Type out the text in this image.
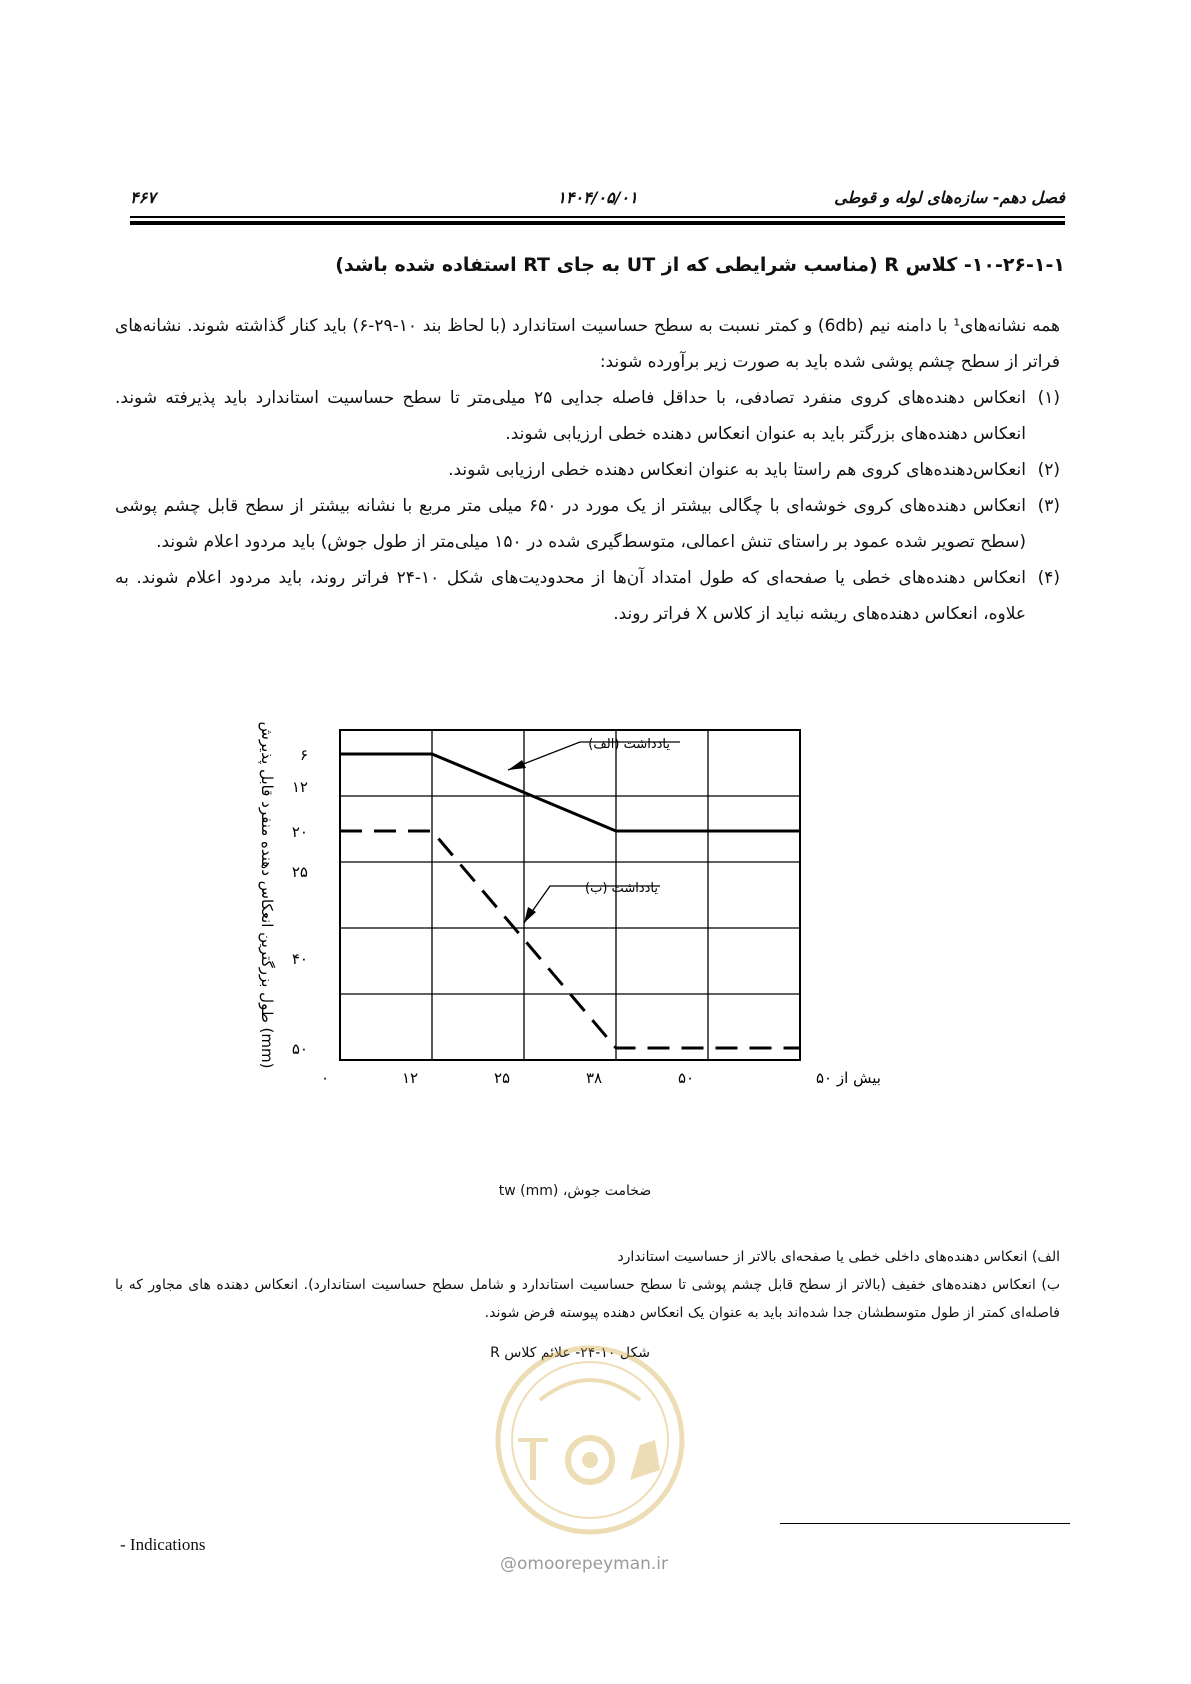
فصل دهم- سازه‌های لوله و قوطی
۱۴۰۴/۰۵/۰۱
۴۶۷
۱۰-۲۶-۱-۱- کلاس R (مناسب شرایطی که از UT به جای RT استفاده شده باشد)

همه نشانه‌های¹ با دامنه نیم (6db) و کمتر نسبت به سطح حساسیت استاندارد (با لحاظ بند ۱۰-۲۹-۶) باید کنار گذاشته شوند. نشانه‌های فراتر از سطح چشم پوشی شده باید به صورت زیر برآورده شوند:

(۱)
انعکاس دهنده‌های کروی منفرد تصادفی، با حداقل فاصله جدایی ۲۵ میلی‌متر تا سطح حساسیت استاندارد باید پذیرفته شوند. انعکاس دهنده‌های بزرگتر باید به عنوان انعکاس دهنده خطی ارزیابی شوند.
(۲)
انعکاس‌دهنده‌های کروی هم راستا باید به عنوان انعکاس دهنده خطی ارزیابی شوند.
(۳)
انعکاس دهنده‌های کروی خوشه‌ای با چگالی بیشتر از یک مورد در ۶۵۰ میلی متر مربع با نشانه بیشتر از سطح قابل چشم پوشی (سطح تصویر شده عمود بر راستای تنش اعمالی، متوسط‌گیری شده در ۱۵۰ میلی‌متر از طول جوش) باید مردود اعلام شوند.
(۴)
انعکاس دهنده‌های خطی یا صفحه‌ای که طول امتداد آن‌ها از محدودیت‌های شکل ۱۰-۲۴ فراتر روند، باید مردود اعلام شوند. به علاوه، انعکاس دهنده‌های ریشه نباید از کلاس X فراتر روند.
۶
۱۲
۲۰
۲۵
۴۰
۵۰
۰	۱۲	۲۵	۳۸	۵۰	بیش از ۵۰
طول بزرگترین انعکاس دهنده منفرد قابل پذیرش (mm)
یادداشت (الف)
یادداشت (ب)
ضخامت جوش، tw (mm)

الف) انعکاس دهنده‌های داخلی خطی یا صفحه‌ای بالاتر از حساسیت استاندارد

ب) انعکاس دهنده‌های خفیف (بالاتر از سطح قابل چشم پوشی تا سطح حساسیت استاندارد و شامل سطح حساسیت استاندارد). انعکاس دهنده های مجاور که با فاصله‌ای کمتر از طول متوسطشان جدا شده‌اند باید به عنوان یک انعکاس دهنده پیوسته فرض شوند.

شکل ۱۰-۲۴- علائم کلاس R
@omoorepeyman.ir
- Indications
